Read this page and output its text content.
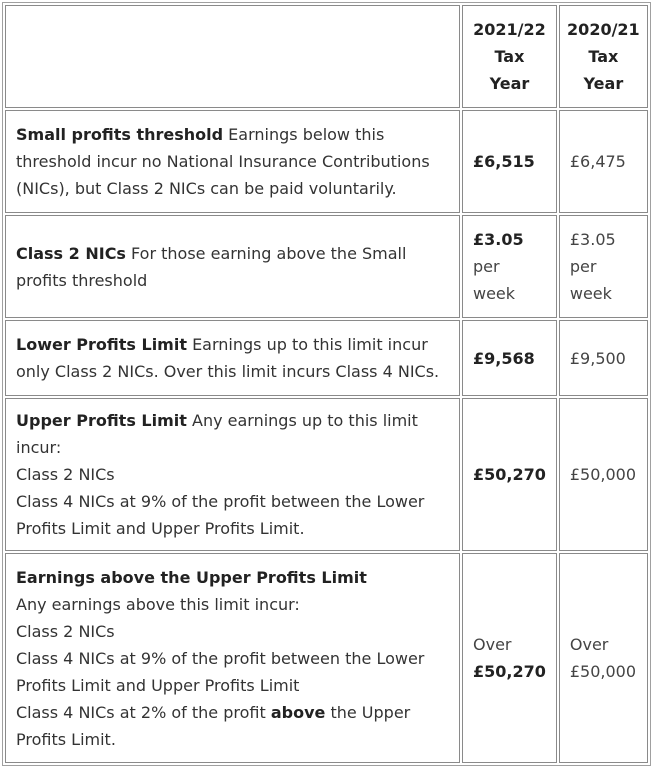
	2021/22
Tax
Year	2020/21
Tax
Year

Small profits threshold Earnings below this threshold incur no National Insurance Contributions (NICs), but Class 2 NICs can be paid voluntarily.	£6,515	£6,475
Class 2 NICs For those earning above the Small profits threshold	£3.05
per
week	£3.05
per
week

Lower Profits Limit Earnings up to this limit incur only Class 2 NICs. Over this limit incurs Class 4 NICs.	£9,568	£9,500

Upper Profits Limit Any earnings up to this limit incur:
Class 2 NICs
Class 4 NICs at 9% of the profit between the Lower Profits Limit and Upper Profits Limit.	£50,270	£50,000

Earnings above the Upper Profits Limit
Any earnings above this limit incur:
Class 2 NICs
Class 4 NICs at 9% of the profit between the Lower Profits Limit and Upper Profits Limit
Class 4 NICs at 2% of the profit above the Upper Profits Limit.	Over
£50,270	Over
£50,000
